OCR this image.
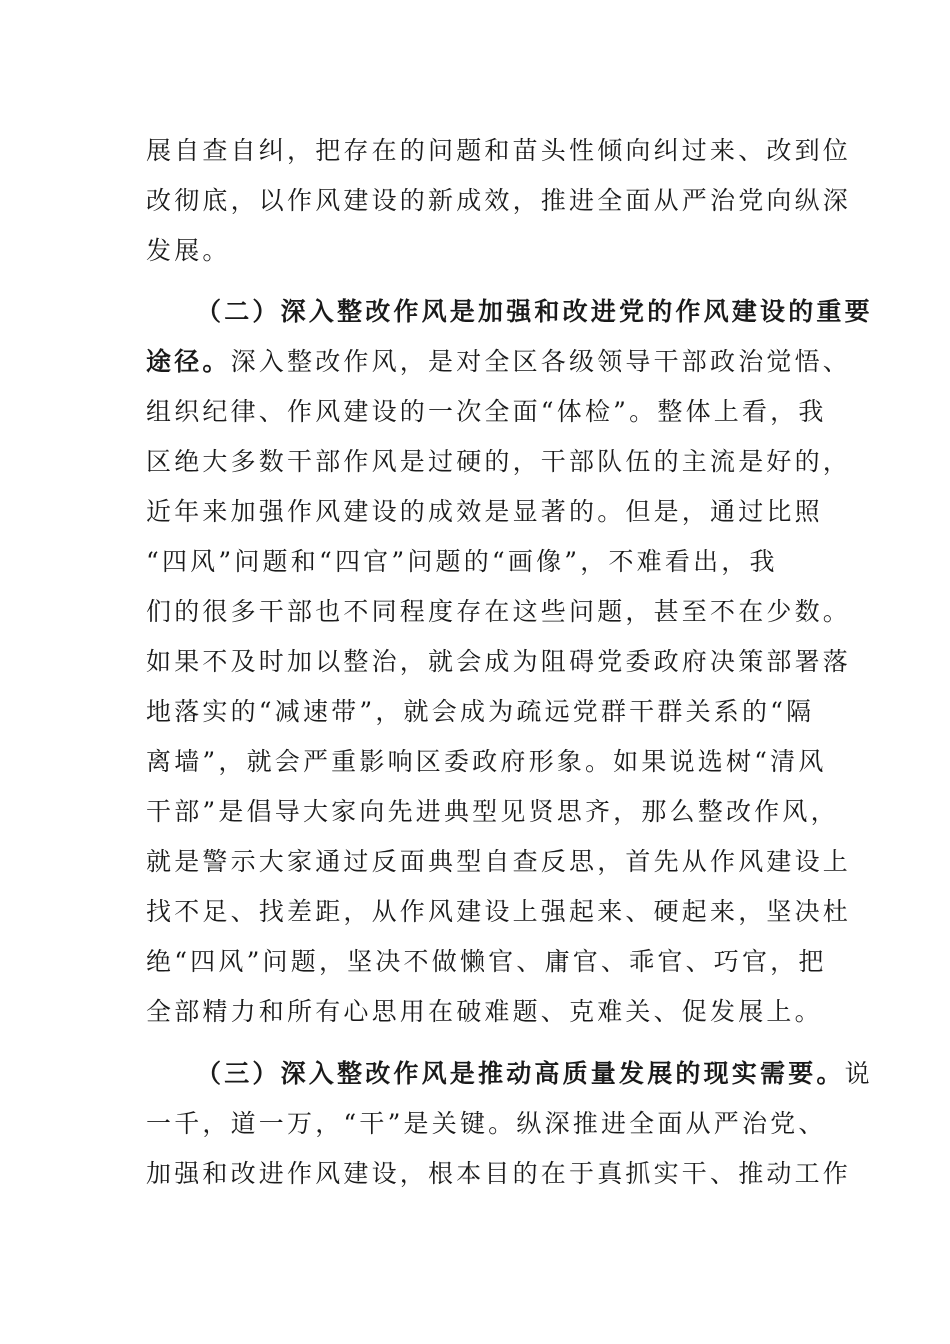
展自查自纠，把存在的问题和苗头性倾向纠过来、改到位
改彻底，以作风建设的新成效，推进全面从严治党向纵深
发展。
（二）深入整改作风是加强和改进党的作风建设的重要
途径。深入整改作风，是对全区各级领导干部政治觉悟、
组织纪律、作风建设的一次全面“体检”。整体上看，我
区绝大多数干部作风是过硬的，干部队伍的主流是好的，
近年来加强作风建设的成效是显著的。但是，通过比照
“四风”问题和“四官”问题的“画像”，不难看出，我
们的很多干部也不同程度存在这些问题，甚至不在少数。
如果不及时加以整治，就会成为阻碍党委政府决策部署落
地落实的“减速带”，就会成为疏远党群干群关系的“隔
离墙”，就会严重影响区委政府形象。如果说选树“清风
干部”是倡导大家向先进典型见贤思齐，那么整改作风，
就是警示大家通过反面典型自查反思，首先从作风建设上
找不足、找差距，从作风建设上强起来、硬起来，坚决杜
绝“四风”问题，坚决不做懒官、庸官、乖官、巧官，把
全部精力和所有心思用在破难题、克难关、促发展上。
（三）深入整改作风是推动高质量发展的现实需要。说
一千，道一万，“干”是关键。纵深推进全面从严治党、
加强和改进作风建设，根本目的在于真抓实干、推动工作
